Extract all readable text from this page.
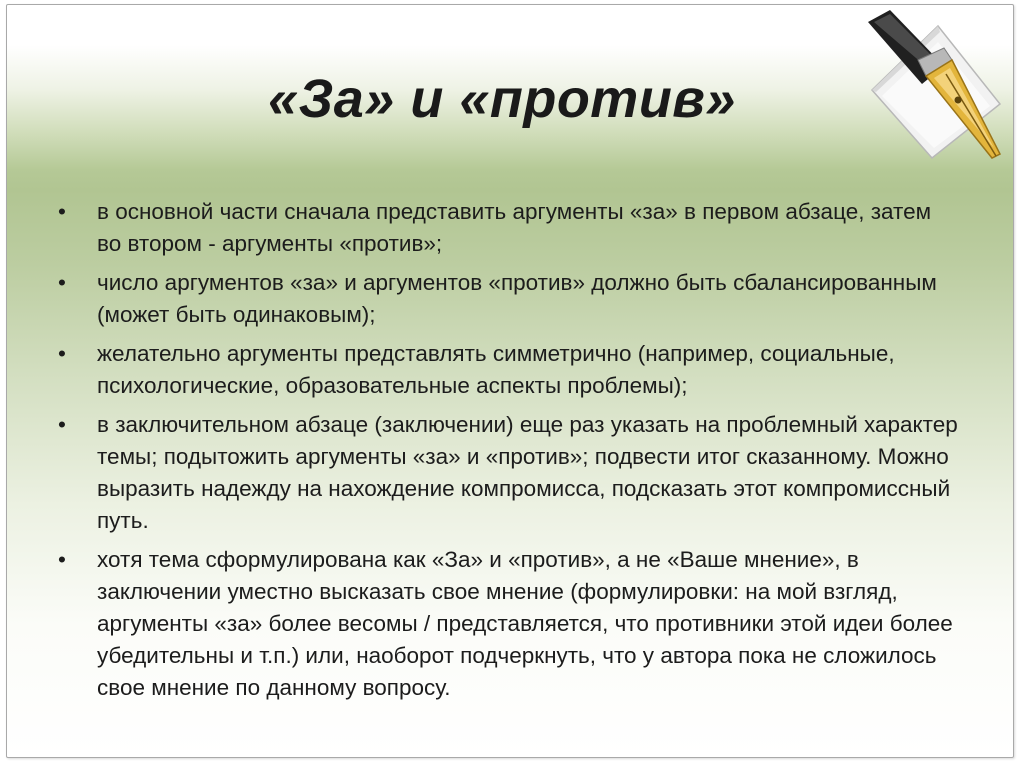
«За» и «против»
•	в основной части сначала представить аргументы «за» в первом абзаце, затем во втором - аргументы «против»;
•	число аргументов «за» и аргументов «против» должно быть сбалансированным (может быть одинаковым);
•	желательно аргументы представлять симметрично (например, социальные, психологические, образовательные аспекты проблемы);
•	в заключительном абзаце (заключении) еще раз указать на проблемный характер темы; подытожить аргументы «за» и «против»; подвести итог сказанному. Можно выразить надежду на нахождение компромисса, подсказать этот компромиссный путь.
•	хотя тема сформулирована как «За» и «против», а не «Ваше мнение», в заключении уместно высказать свое мнение (формулировки: на мой взгляд, аргументы «за» более весомы / представляется, что противники этой идеи более убедительны и т.п.) или, наоборот подчеркнуть, что у автора пока не сложилось свое мнение по данному вопросу.
